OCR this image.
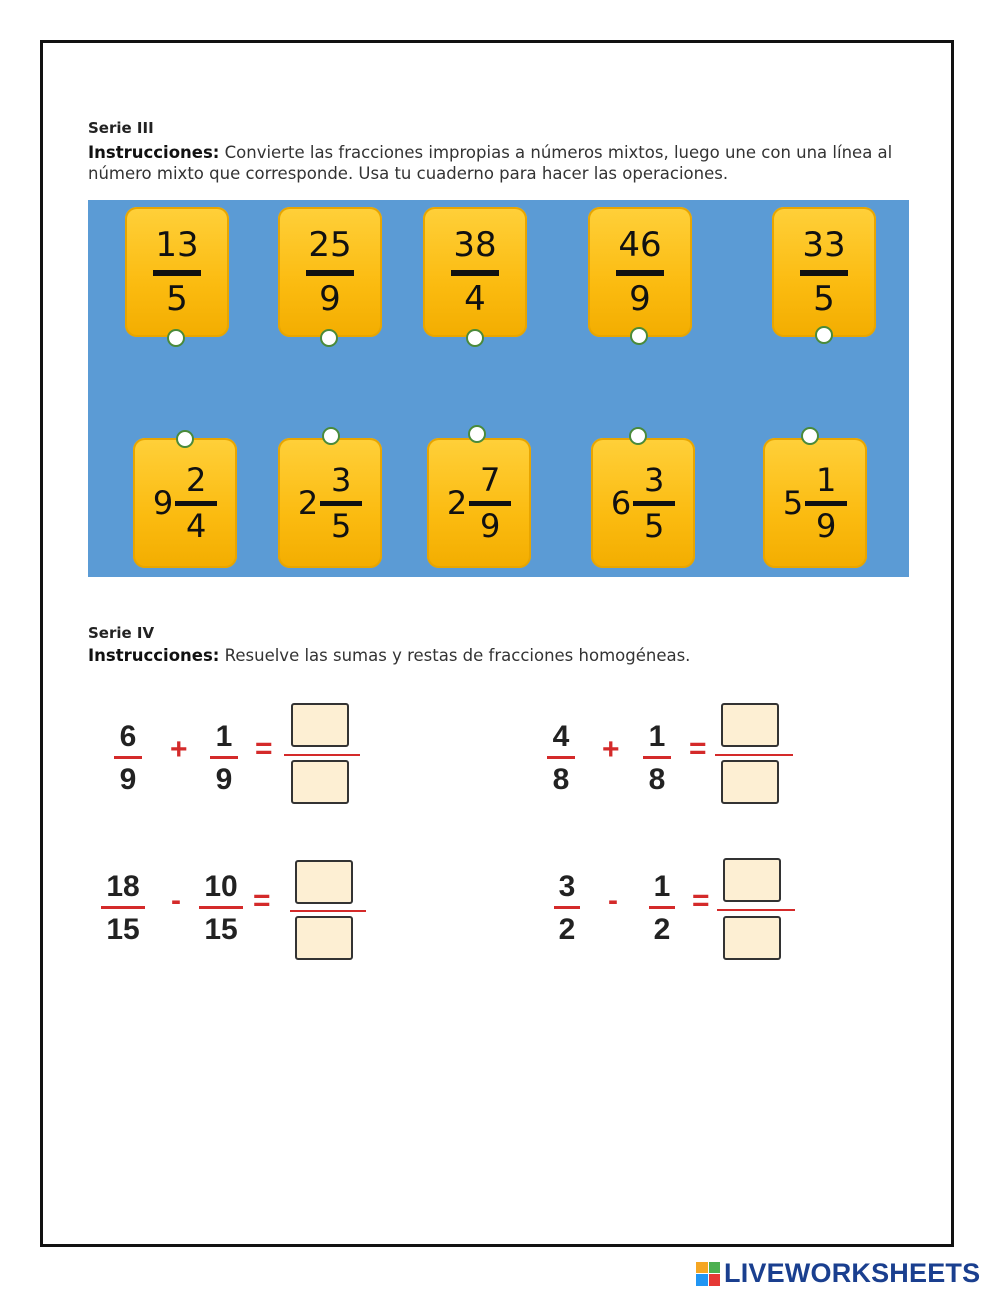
Serie III
Instrucciones: Convierte las fracciones impropias a números mixtos, luego une con una línea al número mixto que corresponde. Usa tu cuaderno para hacer las operaciones.
13
5
25
9
38
4
46
9
33
5
9
2
4
2
3
5
2
7
9
6
3
5
5
1
9
Serie IV
Instrucciones: Resuelve las sumas y restas de fracciones homogéneas.
6
9
+ 1
9
=	4
8
+ 1
8
=
18
15
- 10
15
=	3
2
- 1
2
=
LIVEWORKSHEETS
